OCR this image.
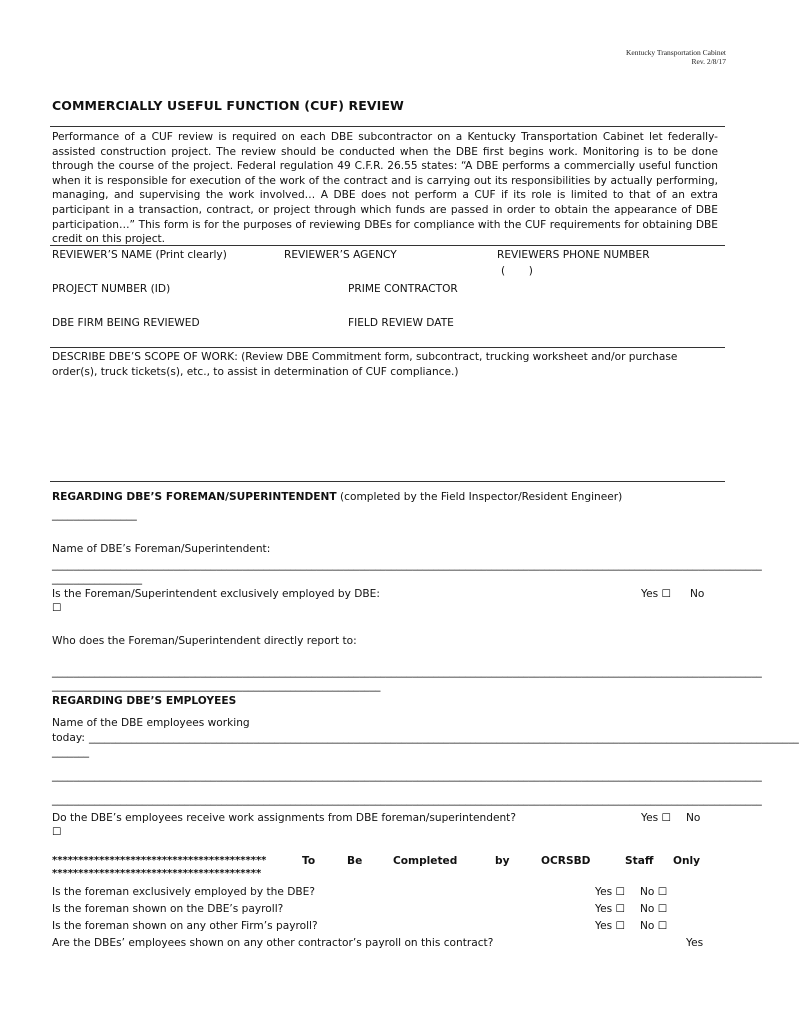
Kentucky Transportation Cabinet
Rev. 2/8/17
COMMERCIALLY USEFUL FUNCTION (CUF) REVIEW
Performance of a CUF review is required on each DBE subcontractor on a Kentucky Transportation Cabinet let federally-assisted construction project. The review should be conducted when the DBE first begins work. Monitoring is to be done through the course of the project. Federal regulation 49 C.F.R. 26.55 states: “A DBE performs a commercially useful function when it is responsible for execution of the work of the contract and is carrying out its responsibilities by actually performing, managing, and supervising the work involved… A DBE does not perform a CUF if its role is limited to that of an extra participant in a transaction, contract, or project through which funds are passed in order to obtain the appearance of DBE participation…” This form is for the purposes of reviewing DBEs for compliance with the CUF requirements for obtaining DBE credit on this project.
REVIEWER’S NAME (Print clearly)	REVIEWER’S AGENCY	REVIEWERS PHONE NUMBER
(       )
PROJECT NUMBER (ID)	PRIME CONTRACTOR
DBE FIRM BEING REVIEWED	FIELD REVIEW DATE
DESCRIBE DBE’S SCOPE OF WORK: (Review DBE Commitment form, subcontract, trucking worksheet and/or purchase order(s), truck tickets(s), etc., to assist in determination of CUF compliance.)
REGARDING DBE’S FOREMAN/SUPERINTENDENT (completed by the Field Inspector/Resident Engineer)
________________
Name of DBE’s Foreman/Superintendent:
______________________________________________________________________________________________________________________________________
_________________
Is the Foreman/Superintendent exclusively employed by DBE:	Yes ☐ No
☐
Who does the Foreman/Superintendent directly report to:
______________________________________________________________________________________________________________________________________
______________________________________________________________
REGARDING DBE’S EMPLOYEES
Name of the DBE employees working
today: ______________________________________________________________________________________________________________________________________
_______
______________________________________________________________________________________________________________________________________
______________________________________________________________________________________________________________________________________
Do the DBE’s employees receive work assignments from DBE foreman/superintendent?	Yes ☐ No
☐
*****************************************	To	Be	Completed	by	OCRSBD	Staff Only
****************************************
Is the foreman exclusively employed by the DBE?	Yes ☐ No ☐
Is the foreman shown on the DBE’s payroll?	Yes ☐ No ☐
Is the foreman shown on any other Firm’s payroll?	Yes ☐ No ☐
Are the DBEs’ employees shown on any other contractor’s payroll on this contract?	Yes
